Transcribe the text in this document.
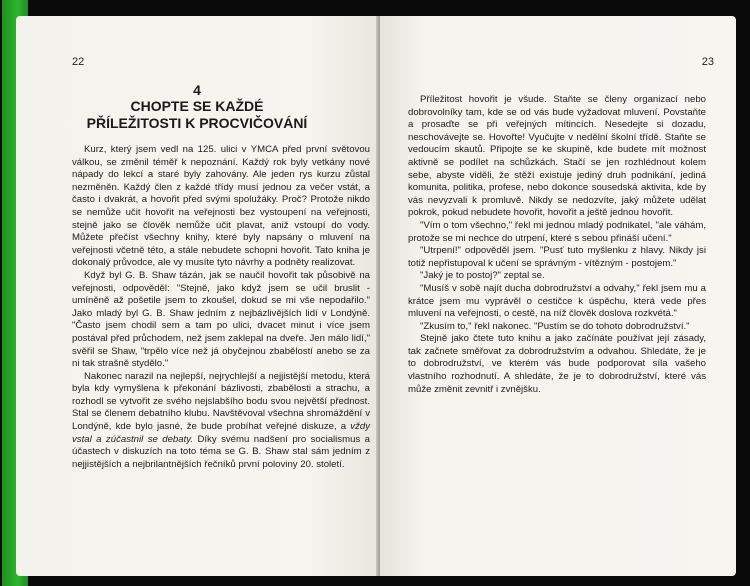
22
4
CHOPTE SE KAŽDÉ
PŘÍLEŽITOSTI K PROCVIČOVÁNÍ

Kurz, který jsem vedl na 125. ulici v YMCA před první světovou válkou, se změnil téměř k nepoznání. Každý rok byly vetkány nové nápady do lekcí a staré byly zahovány. Ale jeden rys kurzu zůstal nezměněn. Každý člen z každé třídy musí jednou za večer vstát, a často i dvakrát, a hovořit před svými spolužáky. Proč? Protože nikdo se nemůže učit hovořit na veřejnosti bez vystoupení na veřejnosti, stejně jako se člověk nemůže učit plavat, aniž vstoupí do vody. Můžete přečíst všechny knihy, které byly napsány o mluvení na veřejnosti včetně této, a stále nebudete schopni hovořit. Tato kniha je dokonalý průvodce, ale vy musíte tyto návrhy a podněty realizovat.

Když byl G. B. Shaw tázán, jak se naučil hovořit tak působivě na veřejnosti, odpověděl: "Stejně, jako když jsem se učil bruslit - umíněně až pošetile jsem to zkoušel, dokud se mi vše nepodařilo." Jako mladý byl G. B. Shaw jedním z nejbázlivějších lidí v Londýně. "Často jsem chodil sem a tam po ulici, dvacet minut i více jsem postával před průchodem, než jsem zaklepal na dveře. Jen málo lidí," svěřil se Shaw, "trpělo více než já obyčejnou zbabělostí anebo se za ni tak strašně stydělo."

Nakonec narazil na nejlepší, nejrychlejší a nejjistější metodu, která byla kdy vymyšlena k překonání bázlivosti, zbabělosti a strachu, a rozhodl se vytvořit ze svého nejslabšího bodu svou největší přednost. Stal se členem debatního klubu. Navštěvoval všechna shromáždění v Londýně, kde bylo jasné, že bude probíhat veřejné diskuze, a vždy vstal a zúčastnil se debaty. Díky svému nadšení pro socialismus a účastech v diskuzích na toto téma se G. B. Shaw stal sám jedním z nejjistějších a nejbrilantnějších řečníků první poloviny 20. století.

23

Příležitost hovořit je všude. Staňte se členy organizací nebo dobrovolníky tam, kde se od vás bude vyžadovat mluvení. Povstaňte a prosaďte se při veřejných mítincích. Nesedejte si dozadu, neschovávejte se. Hovořte! Vyučujte v nedělní školní třídě. Staňte se vedoucím skautů. Připojte se ke skupině, kde budete mít možnost aktivně se podílet na schůzkách. Stačí se jen rozhlédnout kolem sebe, abyste viděli, že stěží existuje jediný druh podnikání, jediná komunita, politika, profese, nebo dokonce sousedská aktivita, kde by vás nevyzvali k promluvě. Nikdy se nedozvíte, jaký můžete udělat pokrok, pokud nebudete hovořit, hovořit a ještě jednou hovořit.

"Vím o tom všechno," řekl mi jednou mladý podnikatel, "ale váhám, protože se mi nechce do utrpení, které s sebou přináší učení."

"Utrpení!" odpověděl jsem. "Pusť tuto myšlenku z hlavy. Nikdy jsi totiž nepřistupoval k učení se správným - vítězným - postojem."

"Jaký je to postoj?" zeptal se.

"Musíš v sobě najít ducha dobrodružství a odvahy," řekl jsem mu a krátce jsem mu vyprávěl o cestičce k úspěchu, která vede přes mluvení na veřejnosti, o cestě, na níž člověk doslova rozkvétá."

"Zkusím to," řekl nakonec. "Pustím se do tohoto dobrodružství."

Stejně jako čtete tuto knihu a jako začínáte používat její zásady, tak začnete směřovat za dobrodružstvím a odvahou. Shledáte, že je to dobrodružství, ve kterém vás bude podporovat síla vašeho vlastního rozhodnutí. A shledáte, že je to dobrodružství, které vás může změnit zevnitř i zvnějšku.
